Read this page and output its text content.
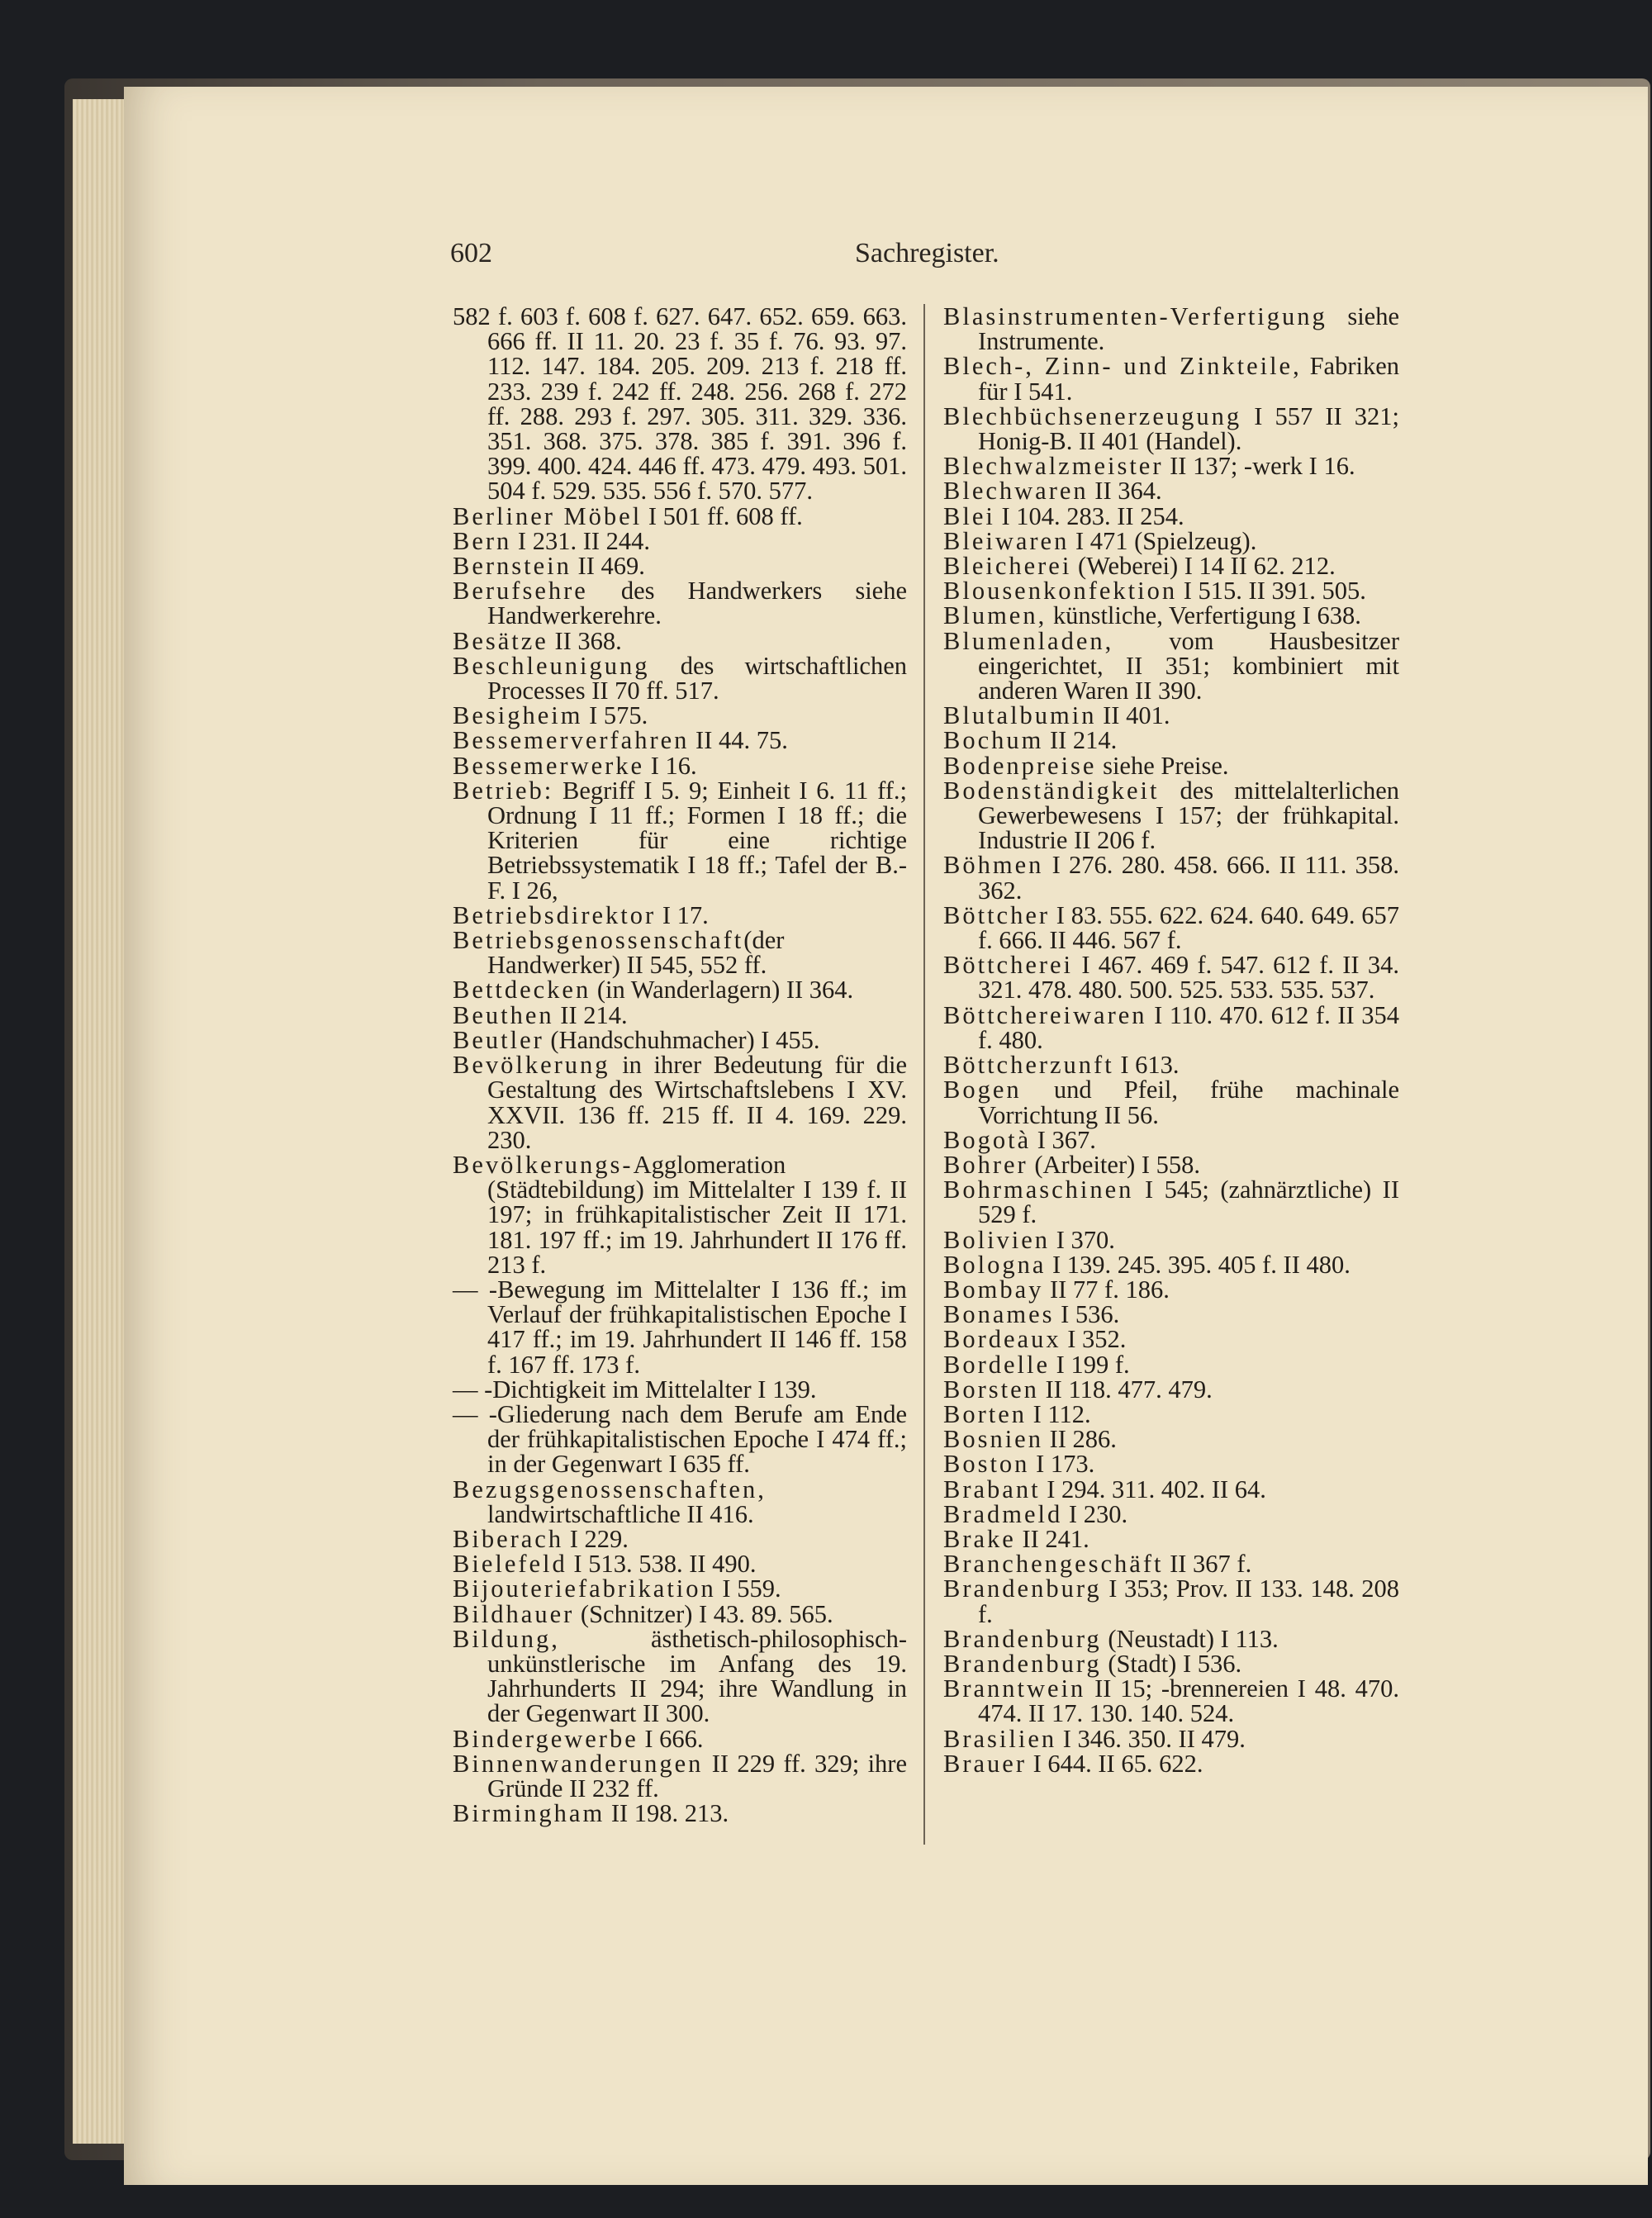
602	Sachregister.
582 f. 603 f. 608 f. 627. 647. 652. 659. 663. 666 ff. II 11. 20. 23 f. 35 f. 76. 93. 97. 112. 147. 184. 205. 209. 213 f. 218 ff. 233. 239 f. 242 ff. 248. 256. 268 f. 272 ff. 288. 293 f. 297. 305. 311. 329. 336. 351. 368. 375. 378. 385 f. 391. 396 f. 399. 400. 424. 446 ff. 473. 479. 493. 501. 504 f. 529. 535. 556 f. 570. 577.
Berliner Möbel I 501 ff. 608 ff.
Bern I 231. II 244.
Bernstein II 469.
Berufsehre des Handwerkers siehe Handwerkerehre.
Besätze II 368.
Beschleunigung des wirtschaftlichen Processes II 70 ff. 517.
Besigheim I 575.
Bessemerverfahren II 44. 75.
Bessemerwerke I 16.
Betrieb: Begriff I 5. 9; Einheit I 6. 11 ff.; Ordnung I 11 ff.; Formen I 18 ff.; die Kriterien für eine richtige Betriebssystematik I 18 ff.; Tafel der B.-F. I 26,
Betriebsdirektor I 17.
Betriebsgenossenschaft(der Handwerker) II 545, 552 ff.
Bettdecken (in Wanderlagern) II 364.
Beuthen II 214.
Beutler (Handschuhmacher) I 455.
Bevölkerung in ihrer Bedeutung für die Gestaltung des Wirtschaftslebens I XV. XXVII. 136 ff. 215 ff. II 4. 169. 229. 230.
Bevölkerungs-Agglomeration (Städtebildung) im Mittelalter I 139 f. II 197; in frühkapitalistischer Zeit II 171. 181. 197 ff.; im 19. Jahrhundert II 176 ff. 213 f.
— -Bewegung im Mittelalter I 136 ff.; im Verlauf der frühkapitalistischen Epoche I 417 ff.; im 19. Jahrhundert II 146 ff. 158 f. 167 ff. 173 f.
— -Dichtigkeit im Mittelalter I 139.
— -Gliederung nach dem Berufe am Ende der frühkapitalistischen Epoche I 474 ff.; in der Gegenwart I 635 ff.
Bezugsgenossenschaften, landwirtschaftliche II 416.
Biberach I 229.
Bielefeld I 513. 538. II 490.
Bijouteriefabrikation I 559.
Bildhauer (Schnitzer) I 43. 89. 565.
Bildung, ästhetisch-philosophisch-unkünstlerische im Anfang des 19. Jahrhunderts II 294; ihre Wandlung in der Gegenwart II 300.
Bindergewerbe I 666.
Binnenwanderungen II 229 ff. 329; ihre Gründe II 232 ff.
Birmingham II 198. 213.
Blasinstrumenten-Verfertigung siehe Instrumente.
Blech-, Zinn- und Zinkteile, Fabriken für I 541.
Blechbüchsenerzeugung I 557 II 321; Honig-B. II 401 (Handel).
Blechwalzmeister II 137; -werk I 16.
Blechwaren II 364.
Blei I 104. 283. II 254.
Bleiwaren I 471 (Spielzeug).
Bleicherei (Weberei) I 14 II 62. 212.
Blousenkonfektion I 515. II 391. 505.
Blumen, künstliche, Verfertigung I 638.
Blumenladen, vom Hausbesitzer eingerichtet, II 351; kombiniert mit anderen Waren II 390.
Blutalbumin II 401.
Bochum II 214.
Bodenpreise siehe Preise.
Bodenständigkeit des mittelalterlichen Gewerbewesens I 157; der frühkapital. Industrie II 206 f.
Böhmen I 276. 280. 458. 666. II 111. 358. 362.
Böttcher I 83. 555. 622. 624. 640. 649. 657 f. 666. II 446. 567 f.
Böttcherei I 467. 469 f. 547. 612 f. II 34. 321. 478. 480. 500. 525. 533. 535. 537.
Böttchereiwaren I 110. 470. 612 f. II 354 f. 480.
Böttcherzunft I 613.
Bogen und Pfeil, frühe machinale Vorrichtung II 56.
Bogotà I 367.
Bohrer (Arbeiter) I 558.
Bohrmaschinen I 545; (zahnärztliche) II 529 f.
Bolivien I 370.
Bologna I 139. 245. 395. 405 f. II 480.
Bombay II 77 f. 186.
Bonames I 536.
Bordeaux I 352.
Bordelle I 199 f.
Borsten II 118. 477. 479.
Borten I 112.
Bosnien II 286.
Boston I 173.
Brabant I 294. 311. 402. II 64.
Bradmeld I 230.
Brake II 241.
Branchengeschäft II 367 f.
Brandenburg I 353; Prov. II 133. 148. 208 f.
Brandenburg (Neustadt) I 113.
Brandenburg (Stadt) I 536.
Branntwein II 15; -brennereien I 48. 470. 474. II 17. 130. 140. 524.
Brasilien I 346. 350. II 479.
Brauer I 644. II 65. 622.
